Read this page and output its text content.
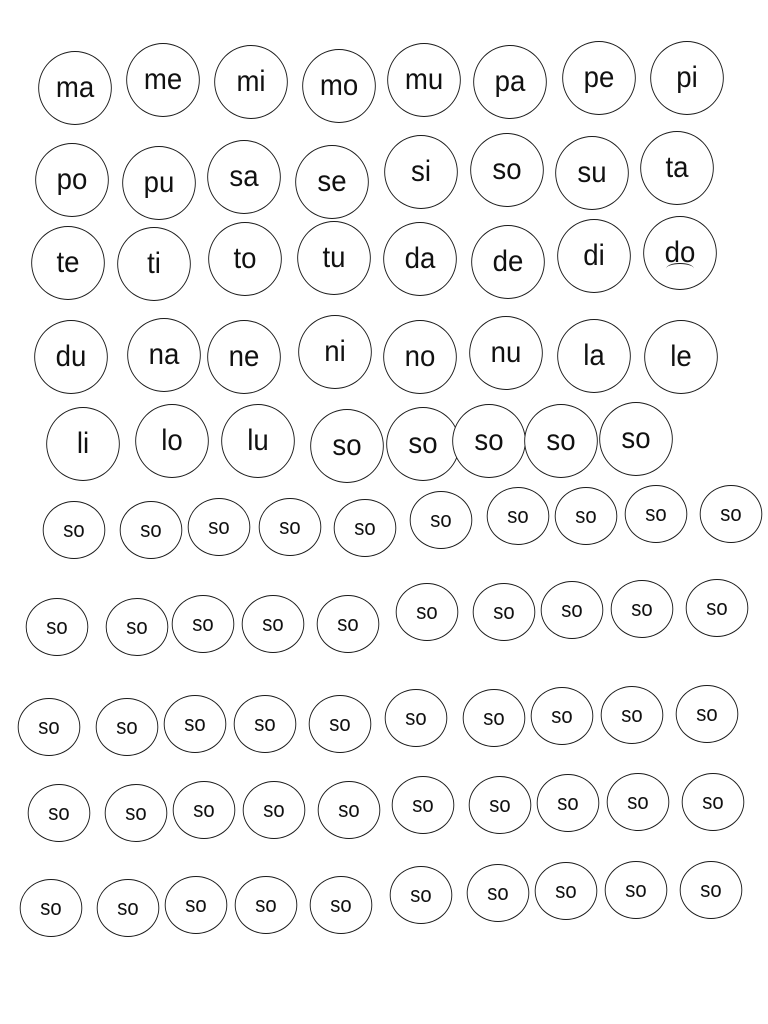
ma me mi mo mu pa pe pi
po pu sa se si so su ta
te ti to tu da de di do
du na ne ni no nu la le
li lo lu so so so so so
so	so so so so so	so so so so
so	so so so so	so	so so so so
so	so so so so so	so so so so
so	so so so so so	so so so so
so	so so so so	so	so so so so
